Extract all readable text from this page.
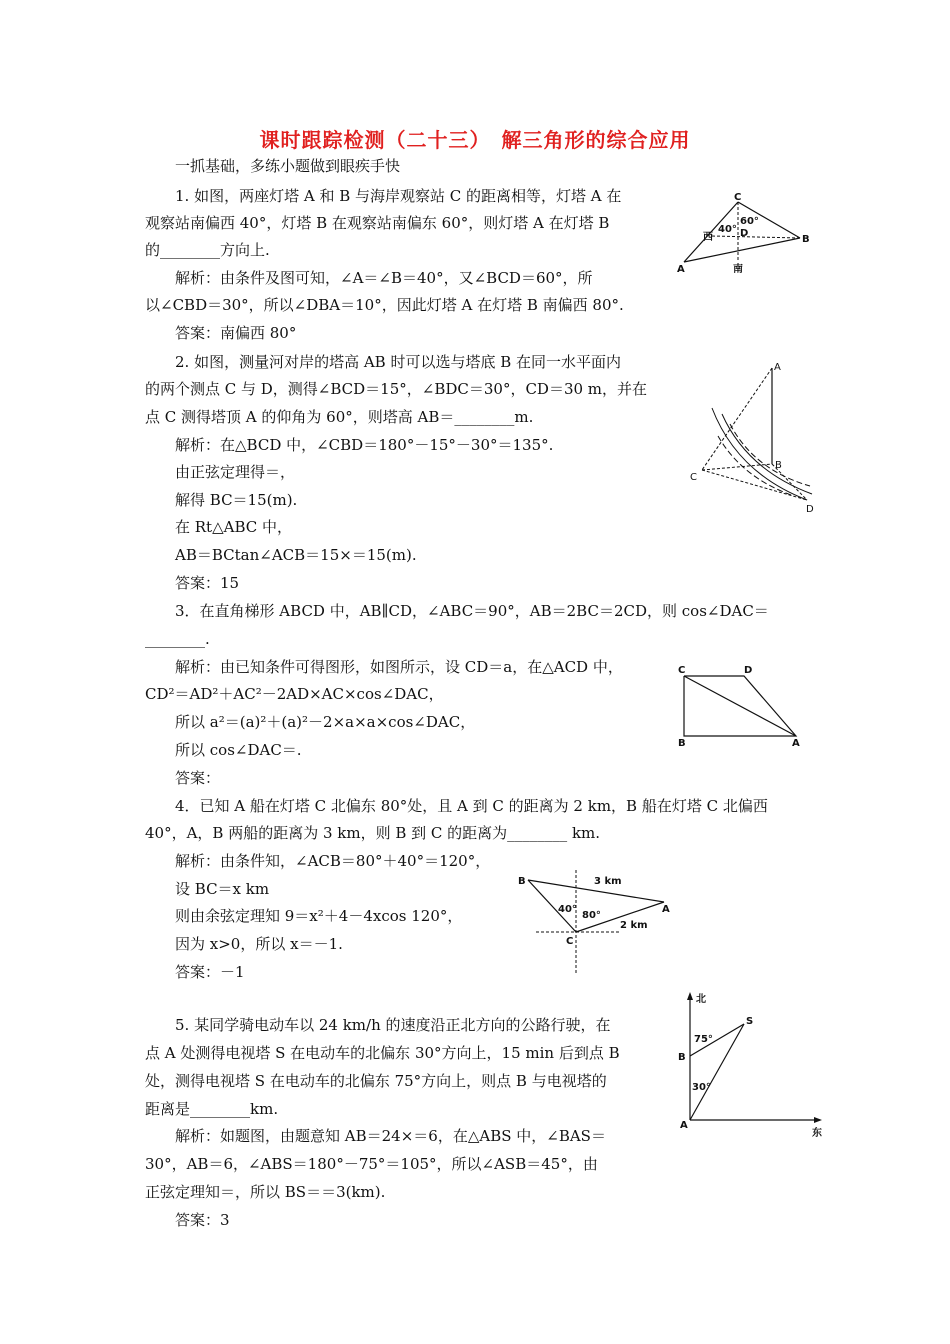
课时跟踪检测（二十三）　解三角形的综合应用
一抓基础，多练小题做到眼疾手快
1. 如图，两座灯塔 A 和 B 与海岸观察站 C 的距离相等，灯塔 A 在
观察站南偏西 40°，灯塔 B 在观察站南偏东 60°，则灯塔 A 在灯塔 B
的________方向上.
解析：由条件及图可知，∠A＝∠B＝40°，又∠BCD＝60°，所
以∠CBD＝30°，所以∠DBA＝10°，因此灯塔 A 在灯塔 B 南偏西 80°.
答案：南偏西 80°
C
A
B
D
西
南
60°
40°
2. 如图，测量河对岸的塔高 AB 时可以选与塔底 B 在同一水平面内
的两个测点 C 与 D，测得∠BCD＝15°，∠BDC＝30°，CD＝30 m，并在
点 C 测得塔顶 A 的仰角为 60°，则塔高 AB＝________m.
解析：在△BCD 中，∠CBD＝180°－15°－30°＝135°.
由正弦定理得＝，
解得 BC＝15(m).
在 Rt△ABC 中，
AB＝BCtan∠ACB＝15×＝15(m).
答案：15
A
B
C
D
3．在直角梯形 ABCD 中，AB∥CD，∠ABC＝90°，AB＝2BC＝2CD，则 cos∠DAC＝
________.
解析：由已知条件可得图形，如图所示，设 CD＝a，在△ACD 中，
CD²＝AD²＋AC²－2AD×AC×cos∠DAC，
所以 a²＝(a)²＋(a)²－2×a×a×cos∠DAC，
所以 cos∠DAC＝.
答案：
C	D
B	A
4．已知 A 船在灯塔 C 北偏东 80°处，且 A 到 C 的距离为 2 km，B 船在灯塔 C 北偏西
40°，A，B 两船的距离为 3 km，则 B 到 C 的距离为________ km.
解析：由条件知，∠ACB＝80°＋40°＝120°，
设 BC＝x km
则由余弦定理知 9＝x²＋4－4xcos 120°，
因为 x>0，所以 x＝－1.
答案：－1
B
A
C
3 km
2 km
40°
80°
5. 某同学骑电动车以 24 km/h 的速度沿正北方向的公路行驶，在
点 A 处测得电视塔 S 在电动车的北偏东 30°方向上，15 min 后到点 B
处，测得电视塔 S 在电动车的北偏东 75°方向上，则点 B 与电视塔的
距离是________km.
解析：如题图，由题意知 AB＝24×＝6，在△ABS 中，∠BAS＝
30°，AB＝6，∠ABS＝180°－75°＝105°，所以∠ASB＝45°，由
正弦定理知＝，所以 BS＝＝3(km).
答案：3
北
东
A
B
S
75°
30°
